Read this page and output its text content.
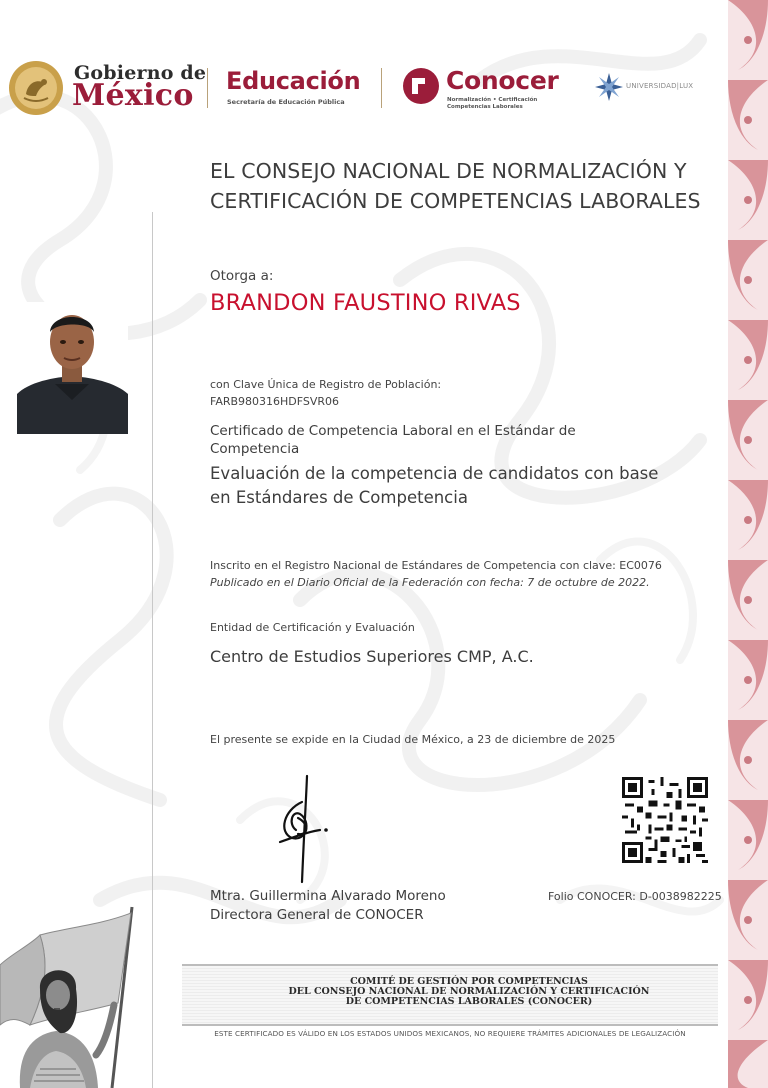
Gobierno de
México Educación
Secretaría de Educación Pública
Conocer
Normalización • Certificación Competencias Laborales
UNIVERSIDAD|LUX
EL CONSEJO NACIONAL DE NORMALIZACIÓN Y CERTIFICACIÓN DE COMPETENCIAS LABORALES
Otorga a:
BRANDON FAUSTINO RIVAS
con Clave Única de Registro de Población:
FARB980316HDFSVR06
Certificado de Competencia Laboral en el Estándar de Competencia
Evaluación de la competencia de candidatos con base en Estándares de Competencia
Inscrito en el Registro Nacional de Estándares de Competencia con clave: EC0076
Publicado en el Diario Oficial de la Federación con fecha: 7 de octubre de 2022.
Entidad de Certificación y Evaluación
Centro de Estudios Superiores CMP, A.C.
El presente se expide en la Ciudad de México, a 23 de diciembre de 2025
Mtra. Guillermina Alvarado Moreno
Directora General de CONOCER
Folio CONOCER: D-0038982225
COMITÉ DE GESTIÓN POR COMPETENCIAS
DEL CONSEJO NACIONAL DE NORMALIZACIÓN Y CERTIFICACIÓN
DE COMPETENCIAS LABORALES (CONOCER)
ESTE CERTIFICADO ES VÁLIDO EN LOS ESTADOS UNIDOS MEXICANOS, NO REQUIERE TRÁMITES ADICIONALES DE LEGALIZACIÓN
